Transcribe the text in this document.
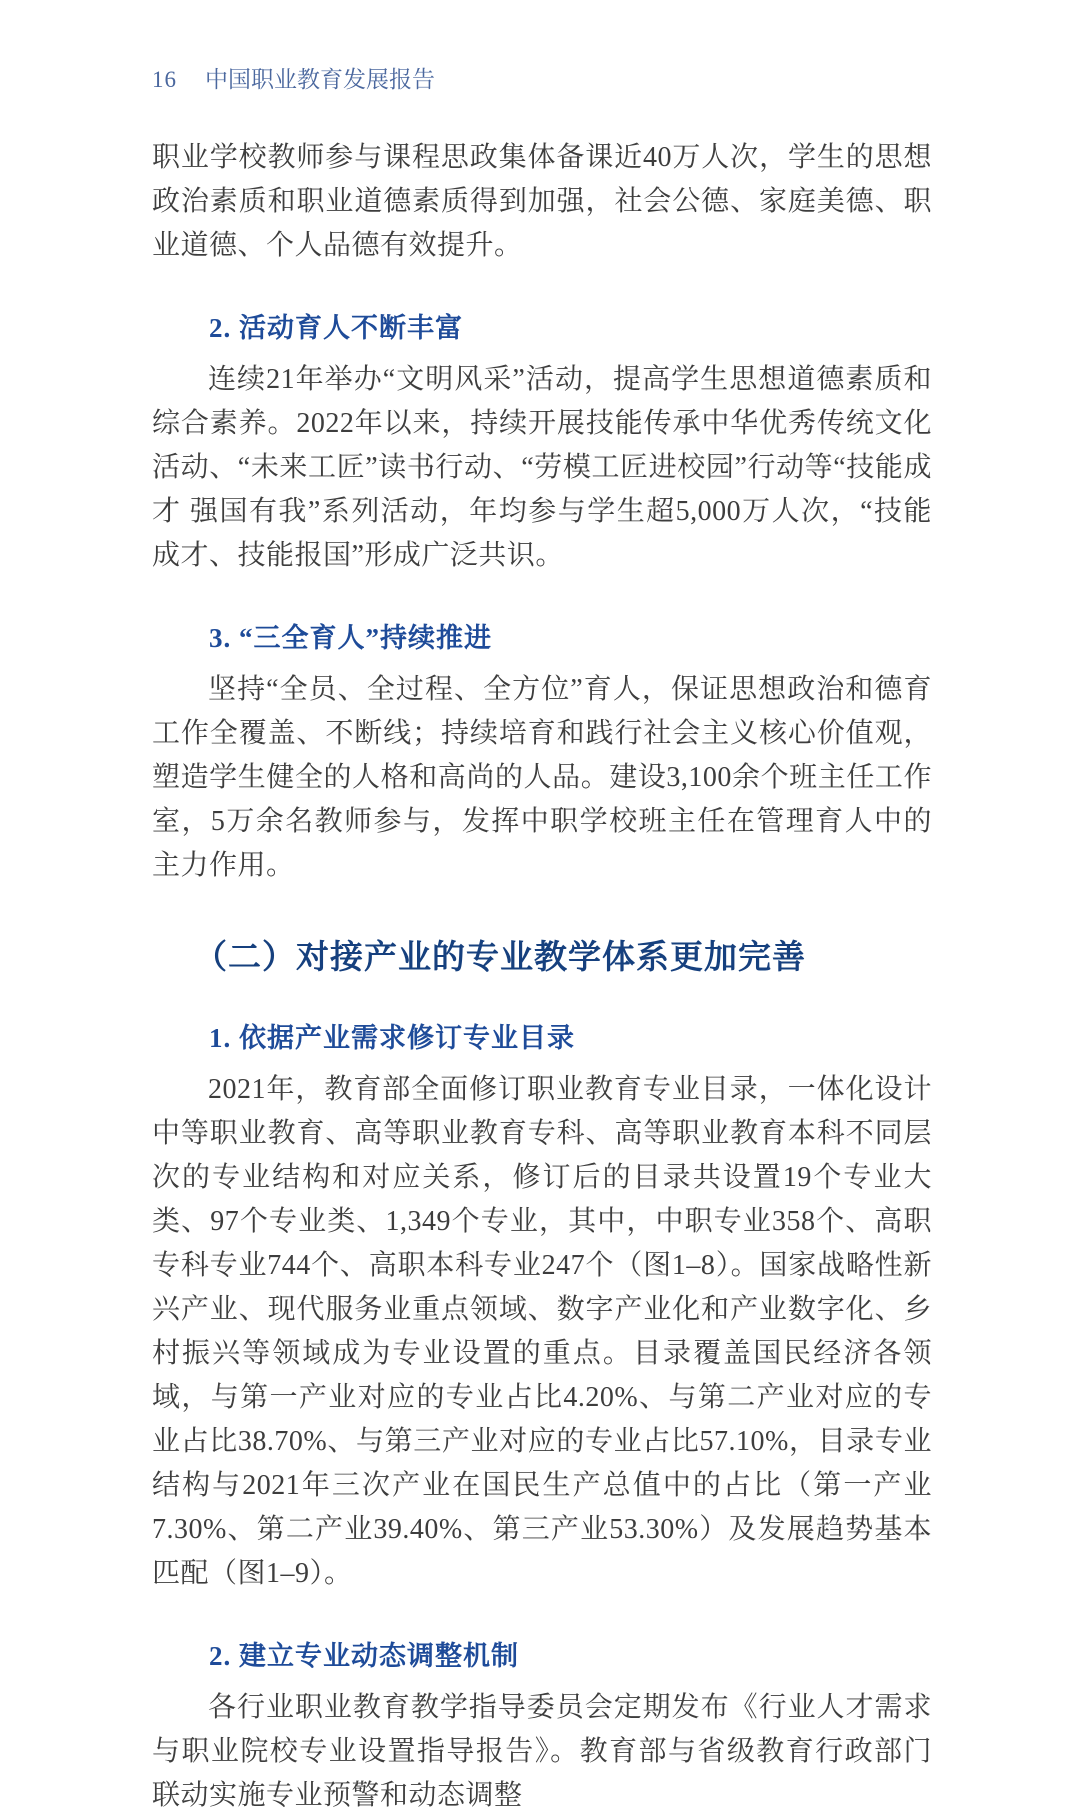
16 中国职业教育发展报告

职业学校教师参与课程思政集体备课近40万人次，学生的思想政治素质和职业道德素质得到加强，社会公德、家庭美德、职业道德、个人品德有效提升。

2. 活动育人不断丰富

连续21年举办“文明风采”活动，提高学生思想道德素质和综合素养。2022年以来，持续开展技能传承中华优秀传统文化活动、“未来工匠”读书行动、“劳模工匠进校园”行动等“技能成才 强国有我”系列活动，年均参与学生超5,000万人次，“技能成才、技能报国”形成广泛共识。

3. “三全育人”持续推进

坚持“全员、全过程、全方位”育人，保证思想政治和德育工作全覆盖、不断线；持续培育和践行社会主义核心价值观，塑造学生健全的人格和高尚的人品。建设3,100余个班主任工作室，5万余名教师参与，发挥中职学校班主任在管理育人中的主力作用。

（二）对接产业的专业教学体系更加完善
1. 依据产业需求修订专业目录

2021年，教育部全面修订职业教育专业目录，一体化设计中等职业教育、高等职业教育专科、高等职业教育本科不同层次的专业结构和对应关系，修订后的目录共设置19个专业大类、97个专业类、1,349个专业，其中，中职专业358个、高职专科专业744个、高职本科专业247个（图1–8）。国家战略性新兴产业、现代服务业重点领域、数字产业化和产业数字化、乡村振兴等领域成为专业设置的重点。目录覆盖国民经济各领域，与第一产业对应的专业占比4.20%、与第二产业对应的专业占比38.70%、与第三产业对应的专业占比57.10%，目录专业结构与2021年三次产业在国民生产总值中的占比（第一产业7.30%、第二产业39.40%、第三产业53.30%）及发展趋势基本匹配（图1–9）。

2. 建立专业动态调整机制

各行业职业教育教学指导委员会定期发布《行业人才需求与职业院校专业设置指导报告》。教育部与省级教育行政部门联动实施专业预警和动态调整
